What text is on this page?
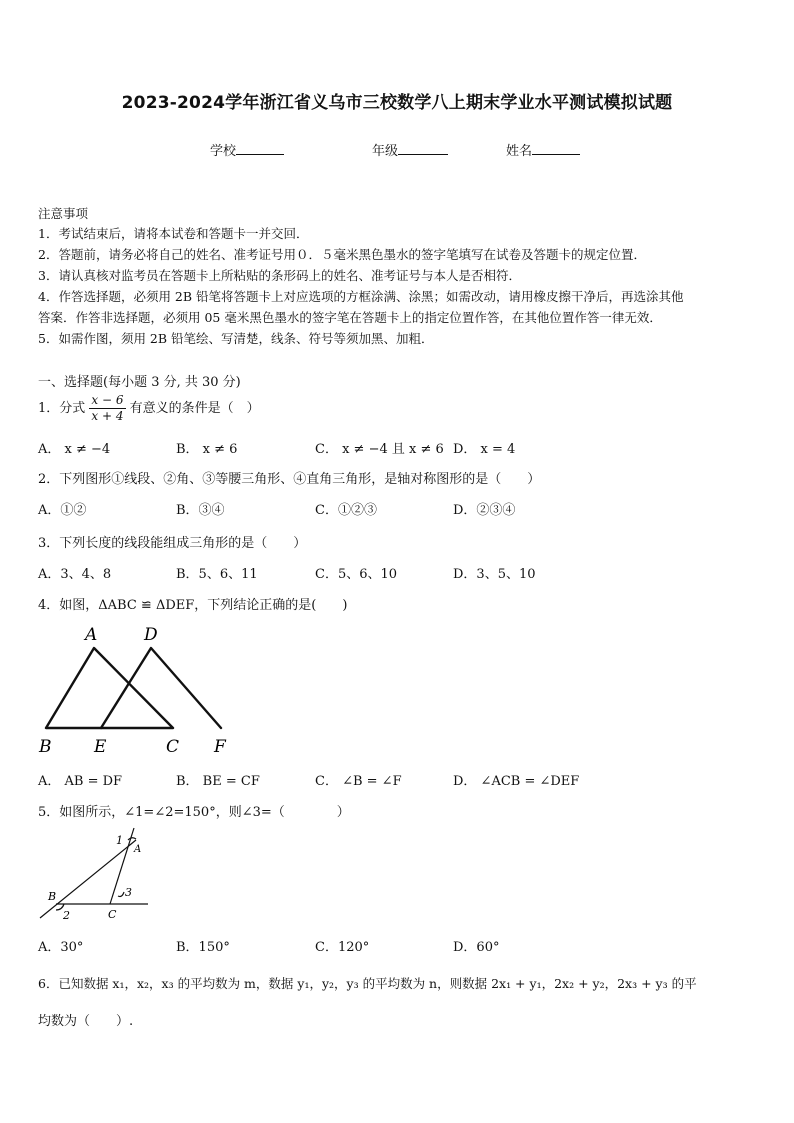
2023-2024学年浙江省义乌市三校数学八上期末学业水平测试模拟试题
学校	年级	姓名
注意事项
1．考试结束后，请将本试卷和答题卡一并交回．
2．答题前，请务必将自己的姓名、准考证号用０．５毫米黑色墨水的签字笔填写在试卷及答题卡的规定位置．
3．请认真核对监考员在答题卡上所粘贴的条形码上的姓名、准考证号与本人是否相符．
4．作答选择题，必须用 2B 铅笔将答题卡上对应选项的方框涂满、涂黑；如需改动，请用橡皮擦干净后，再选涂其他
答案．作答非选择题，必须用 05 毫米黑色墨水的签字笔在答题卡上的指定位置作答，在其他位置作答一律无效．
5．如需作图，须用 2B 铅笔绘、写清楚，线条、符号等须加黑、加粗．
一、选择题(每小题 3 分, 共 30 分)
1．分式 $\frac{x - 6}{x + 4}$ 有意义的条件是（　）
A． x ≠ −4	B． x ≠ 6	C． x ≠ −4 且 x ≠ 6 D． x = 4
2．下列图形①线段、②角、③等腰三角形、④直角三角形，是轴对称图形的是（　　）
A．①②	B．③④	C．①②③	D．②③④
3．下列长度的线段能组成三角形的是（　　）
A．3、4、8	B．5、6、11	C．5、6、10	D．3、5、10
4．如图，ΔABC ≌ ΔDEF，下列结论正确的是(　　)
A	D
B	E	C F
A． AB = DF	B． BE = CF	C． ∠B = ∠F	D． ∠ACB = ∠DEF
5．如图所示，∠1=∠2=150°，则∠3=（　　　　）
1
A
B	3
2	C
A．30°	B．150°	C．120°	D．60°
6．已知数据 x₁，x₂，x₃ 的平均数为 m，数据 y₁，y₂，y₃ 的平均数为 n，则数据 2x₁ + y₁，2x₂ + y₂，2x₃ + y₃ 的平
均数为（　　）.
